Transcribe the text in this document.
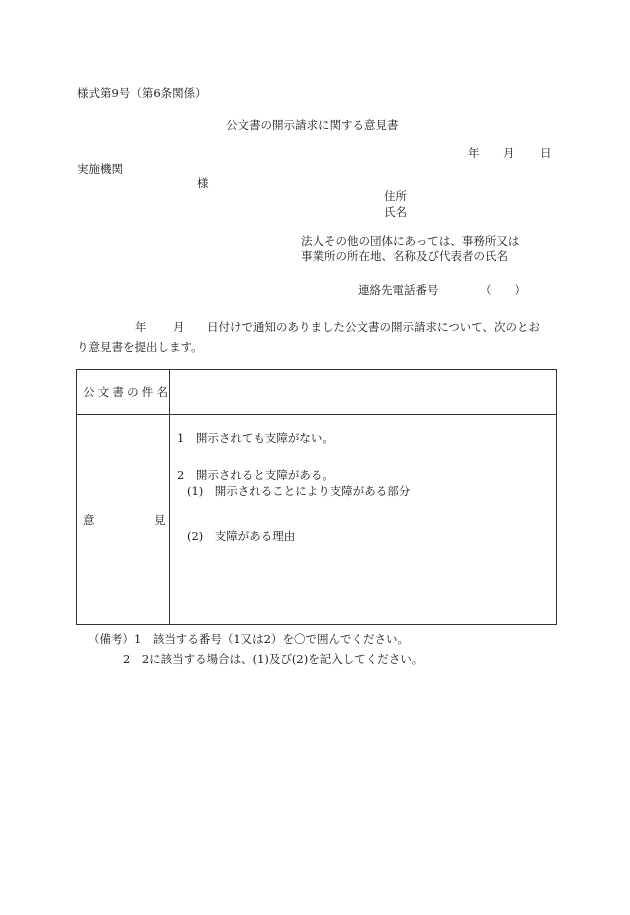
様式第9号（第6条関係）
公文書の開示請求に関する意見書
年 月 日
実施機関
様
住所
氏名
法人その他の団体にあっては、事務所又は
事業所の所在地、名称及び代表者の氏名
連絡先電話番号	（　　）
年 月 日付けで通知のありました公文書の開示請求について、次のとお
り意見書を提出します。
公文書の件名
意	見
1　開示されても支障がない。
2　開示されると支障がある。
(1)　開示されることにより支障がある部分
(2)　支障がある理由
（備考）1　該当する番号（1又は2）を〇で囲んでください。
2　2に該当する場合は、(1)及び(2)を記入してください。
